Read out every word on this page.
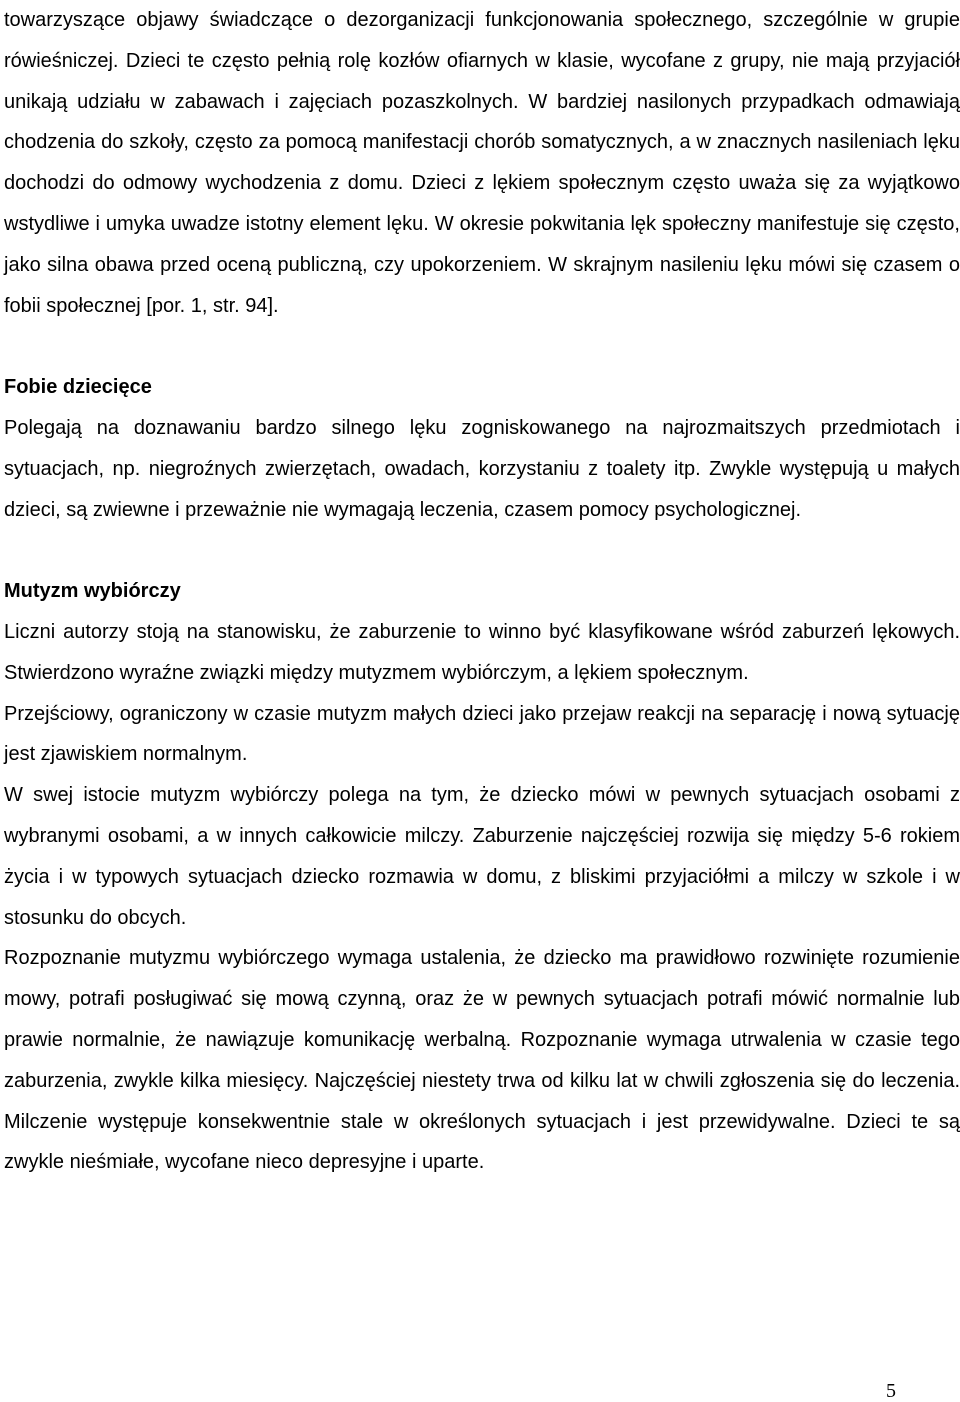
towarzyszące objawy świadczące o dezorganizacji funkcjonowania społecznego, szczególnie w grupie rówieśniczej. Dzieci te często pełnią rolę kozłów ofiarnych w klasie, wycofane z grupy, nie mają przyjaciół unikają udziału w zabawach i zajęciach pozaszkolnych. W bardziej nasilonych przypadkach odmawiają chodzenia do szkoły, często za pomocą manifestacji chorób somatycznych, a w znacznych nasileniach lęku dochodzi do odmowy wychodzenia z domu. Dzieci z lękiem społecznym często uważa się za wyjątkowo wstydliwe i umyka uwadze istotny element lęku. W okresie pokwitania lęk społeczny manifestuje się często, jako silna obawa przed oceną publiczną, czy upokorzeniem. W skrajnym nasileniu lęku mówi się czasem o fobii społecznej [por. 1, str. 94].

Fobie dziecięce

Polegają na doznawaniu bardzo silnego lęku zogniskowanego na najrozmaitszych przedmiotach i sytuacjach, np. niegroźnych zwierzętach, owadach, korzystaniu z toalety itp. Zwykle występują u małych dzieci, są zwiewne i przeważnie nie wymagają leczenia, czasem pomocy psychologicznej.

Mutyzm wybiórczy

Liczni autorzy stoją na stanowisku, że zaburzenie to winno być klasyfikowane wśród zaburzeń lękowych. Stwierdzono wyraźne związki między mutyzmem wybiórczym, a lękiem społecznym.

Przejściowy, ograniczony w czasie mutyzm małych dzieci jako przejaw reakcji na separację i nową sytuację jest zjawiskiem normalnym.

W swej istocie mutyzm wybiórczy polega na tym, że dziecko mówi w pewnych sytuacjach osobami z wybranymi osobami, a w innych całkowicie milczy. Zaburzenie najczęściej rozwija się między 5-6 rokiem życia i w typowych sytuacjach dziecko rozmawia w domu, z bliskimi przyjaciółmi a milczy w szkole i w stosunku do obcych.

Rozpoznanie mutyzmu wybiórczego wymaga ustalenia, że dziecko ma prawidłowo rozwinięte rozumienie mowy, potrafi posługiwać się mową czynną, oraz że w pewnych sytuacjach potrafi mówić normalnie lub prawie normalnie, że nawiązuje komunikację werbalną. Rozpoznanie wymaga utrwalenia w czasie tego zaburzenia, zwykle kilka miesięcy. Najczęściej niestety trwa od kilku lat w chwili zgłoszenia się do leczenia. Milczenie występuje konsekwentnie stale w określonych sytuacjach i jest przewidywalne. Dzieci te są zwykle nieśmiałe, wycofane nieco depresyjne i uparte.

5
